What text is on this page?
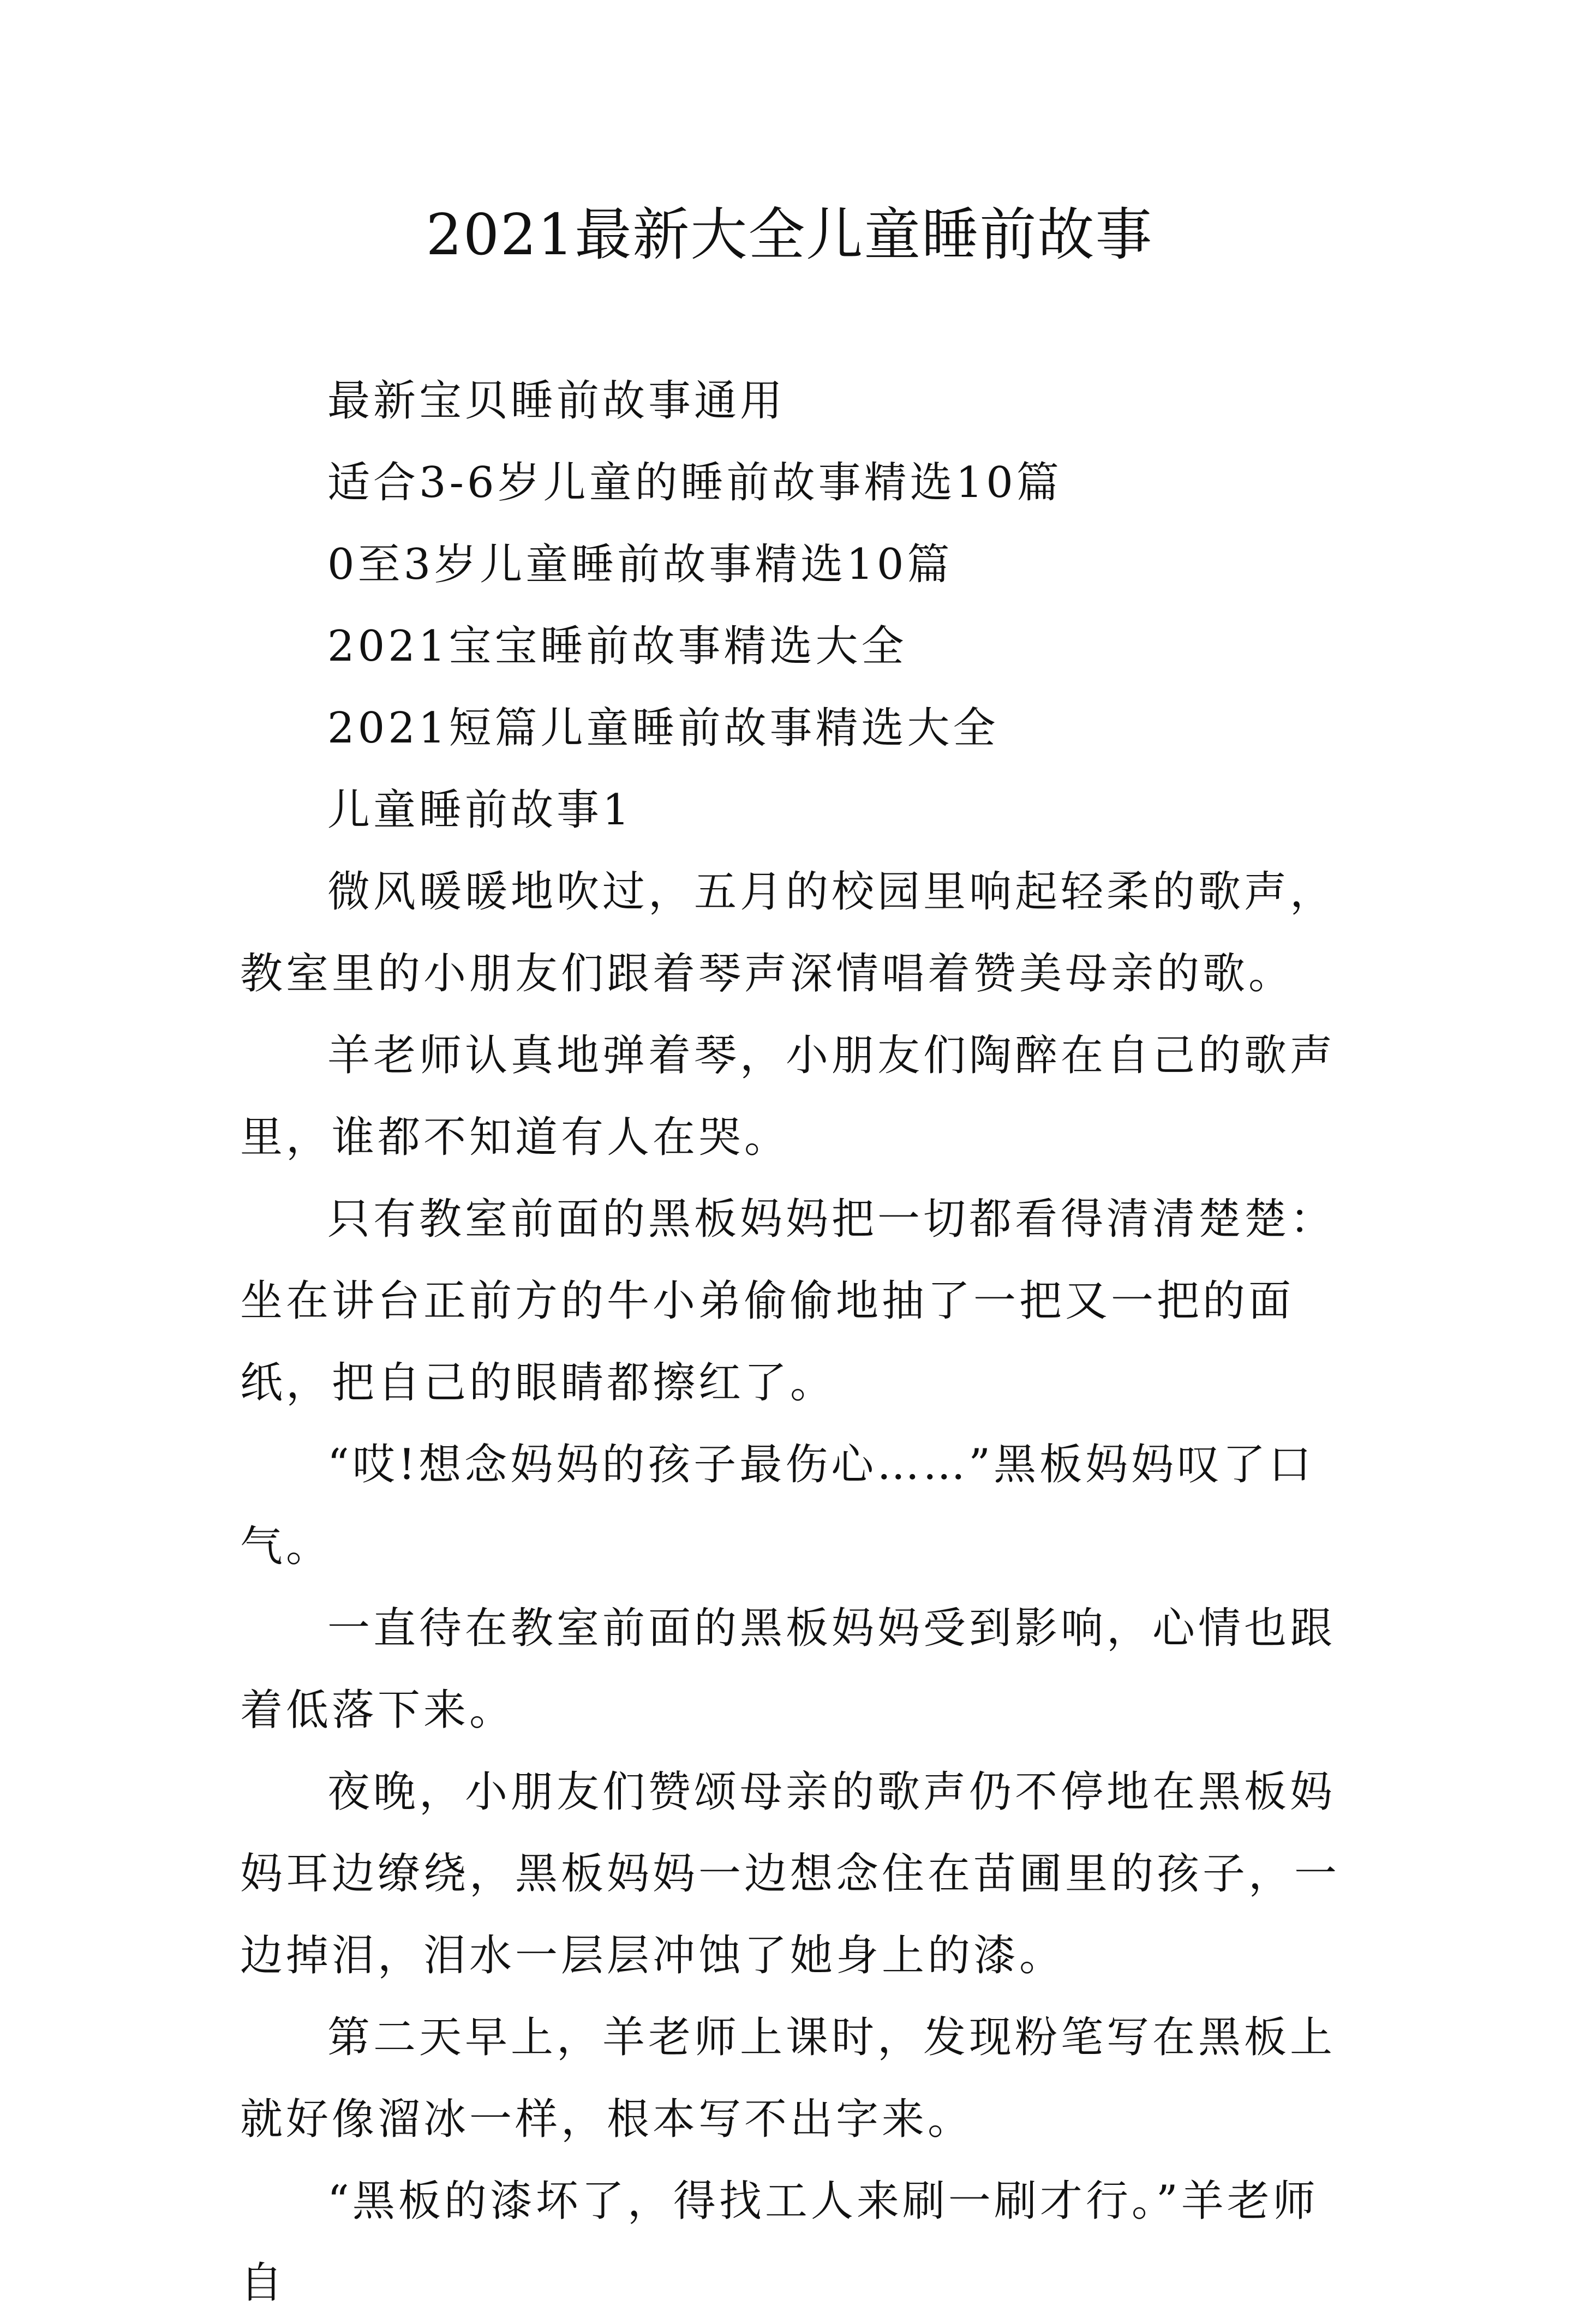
2021最新大全儿童睡前故事
最新宝贝睡前故事通用
适合3-6岁儿童的睡前故事精选10篇
0至3岁儿童睡前故事精选10篇
2021宝宝睡前故事精选大全
2021短篇儿童睡前故事精选大全
儿童睡前故事1

微风暖暖地吹过，五月的校园里响起轻柔的歌声，教室里的小朋友们跟着琴声深情唱着赞美母亲的歌。

羊老师认真地弹着琴，小朋友们陶醉在自己的歌声里，谁都不知道有人在哭。

只有教室前面的黑板妈妈把一切都看得清清楚楚：坐在讲台正前方的牛小弟偷偷地抽了一把又一把的面纸，把自己的眼睛都擦红了。

“哎!想念妈妈的孩子最伤心……”黑板妈妈叹了口气。

一直待在教室前面的黑板妈妈受到影响，心情也跟着低落下来。

夜晚，小朋友们赞颂母亲的歌声仍不停地在黑板妈妈耳边缭绕，黑板妈妈一边想念住在苗圃里的孩子，一边掉泪，泪水一层层冲蚀了她身上的漆。

第二天早上，羊老师上课时，发现粉笔写在黑板上就好像溜冰一样，根本写不出字来。

“黑板的漆坏了，得找工人来刷一刷才行。”羊老师自
